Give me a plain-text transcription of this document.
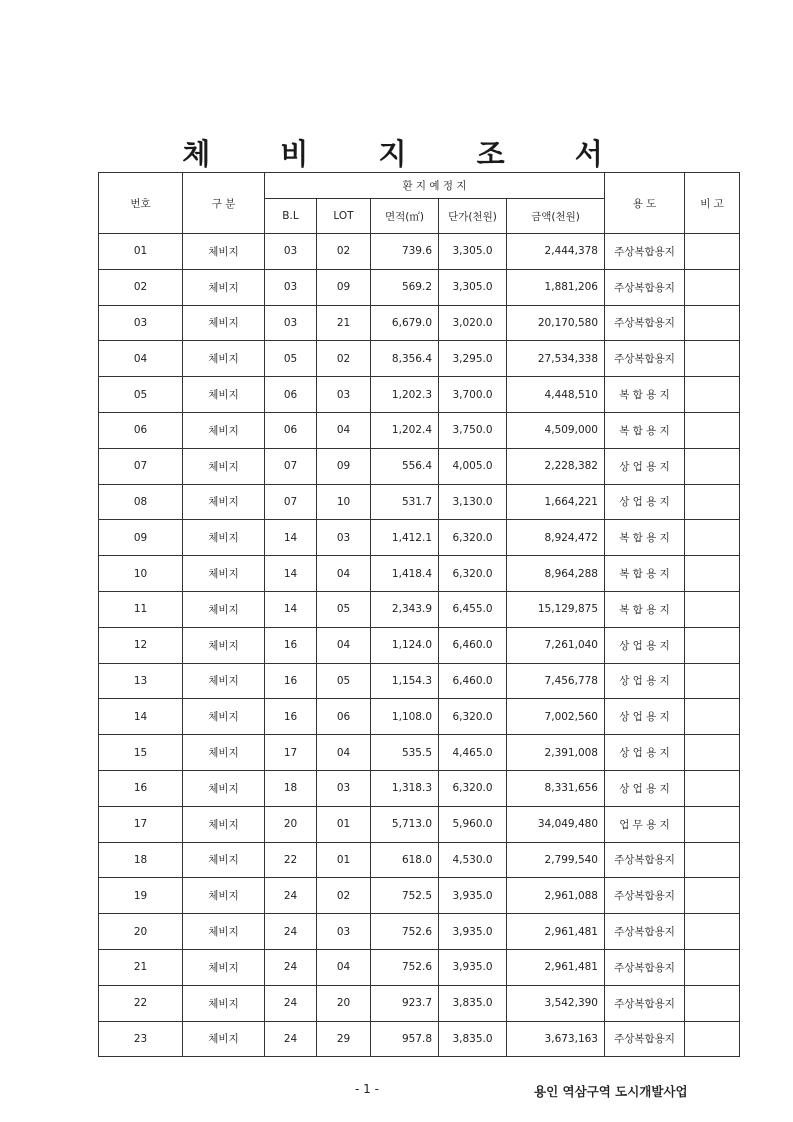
체 비 지 조 서
번호	구 분	환 지 예 정 지					용 도	비 고
		B.L	LOT	면적(㎡)	단가(천원)	금액(천원)		
01	체비지	03	02	739.6	3,305.0	2,444,378	주상복합용지	
02	체비지	03	09	569.2	3,305.0	1,881,206	주상복합용지	
03	체비지	03	21	6,679.0	3,020.0	20,170,580	주상복합용지	
04	체비지	05	02	8,356.4	3,295.0	27,534,338	주상복합용지	
05	체비지	06	03	1,202.3	3,700.0	4,448,510	복 합 용 지	
06	체비지	06	04	1,202.4	3,750.0	4,509,000	복 합 용 지	
07	체비지	07	09	556.4	4,005.0	2,228,382	상 업 용 지	
08	체비지	07	10	531.7	3,130.0	1,664,221	상 업 용 지	
09	체비지	14	03	1,412.1	6,320.0	8,924,472	복 합 용 지	
10	체비지	14	04	1,418.4	6,320.0	8,964,288	복 합 용 지	
11	체비지	14	05	2,343.9	6,455.0	15,129,875	복 합 용 지	
12	체비지	16	04	1,124.0	6,460.0	7,261,040	상 업 용 지	
13	체비지	16	05	1,154.3	6,460.0	7,456,778	상 업 용 지	
14	체비지	16	06	1,108.0	6,320.0	7,002,560	상 업 용 지	
15	체비지	17	04	535.5	4,465.0	2,391,008	상 업 용 지	
16	체비지	18	03	1,318.3	6,320.0	8,331,656	상 업 용 지	
17	체비지	20	01	5,713.0	5,960.0	34,049,480	업 무 용 지	
18	체비지	22	01	618.0	4,530.0	2,799,540	주상복합용지	
19	체비지	24	02	752.5	3,935.0	2,961,088	주상복합용지	
20	체비지	24	03	752.6	3,935.0	2,961,481	주상복합용지	
21	체비지	24	04	752.6	3,935.0	2,961,481	주상복합용지	
22	체비지	24	20	923.7	3,835.0	3,542,390	주상복합용지	
23	체비지	24	29	957.8	3,835.0	3,673,163	주상복합용지	
- 1 -	용인 역삼구역 도시개발사업
